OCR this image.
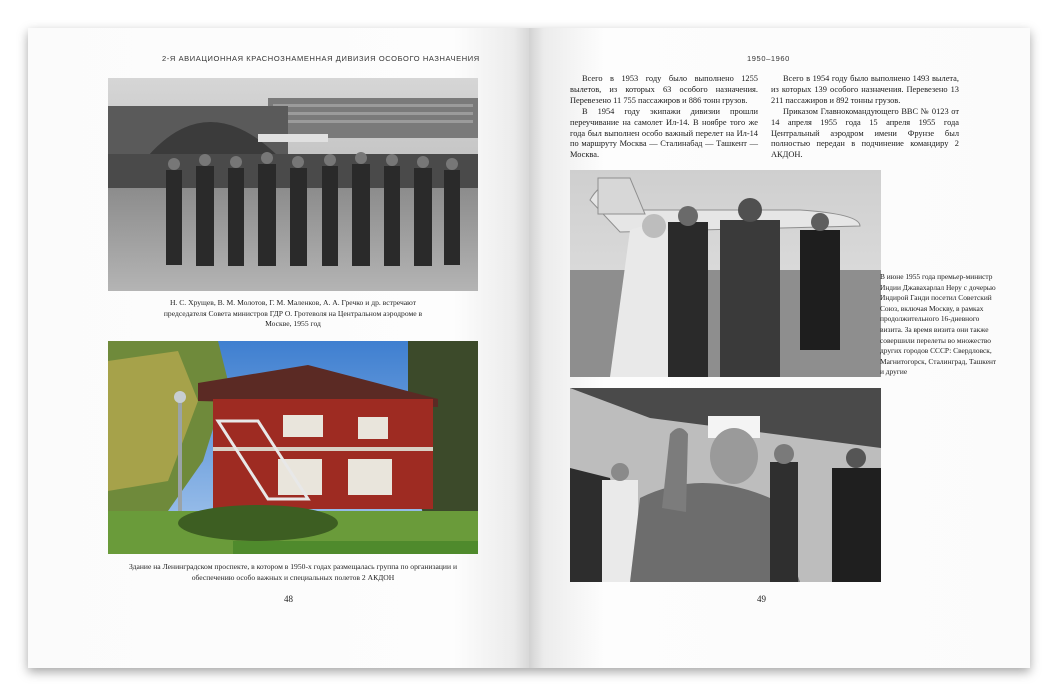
2-Я АВИАЦИОННАЯ КРАСНОЗНАМЕННАЯ ДИВИЗИЯ ОСОБОГО НАЗНАЧЕНИЯ
Н. С. Хрущев, В. М. Молотов, Г. М. Маленков, А. А. Гречко и др. встречают председателя Совета министров ГДР О. Гротеволя на Центральном аэродроме в Москве, 1955 год
Здание на Ленинградском проспекте, в котором в 1950-х годах размещалась группа по организации и обеспечению особо важных и специальных полетов 2 АКДОН
48
1950–1960

Всего в 1953 году было выполнено 1255 вылетов, из которых 63 особого назначения. Перевезено 11 755 пассажиров и 886 тонн грузов.

В 1954 году экипажи дивизии прошли переучивание на самолет Ил-14. В ноябре того же года был выполнен особо важный перелет на Ил-14 по маршруту Москва — Сталинабад — Ташкент — Москва.

Всего в 1954 году было выполнено 1493 вылета, из которых 139 особого назначения. Перевезено 13 211 пассажиров и 892 тонны грузов.

Приказом Главнокомандующего ВВС № 0123 от 14 апреля 1955 года 15 апреля 1955 года Центральный аэродром имени Фрунзе был полностью передан в подчинение командиру 2 АКДОН.

В июне 1955 года премьер-министр Индии Джавахарлал Неру с дочерью Индирой Ганди посетил Советский Союз, включая Москву, в рамках продолжительного 16-дневного визита. За время визита они также совершили перелеты во множество других городов СССР: Свердловск, Магнитогорск, Сталинград, Ташкент и другие
49
